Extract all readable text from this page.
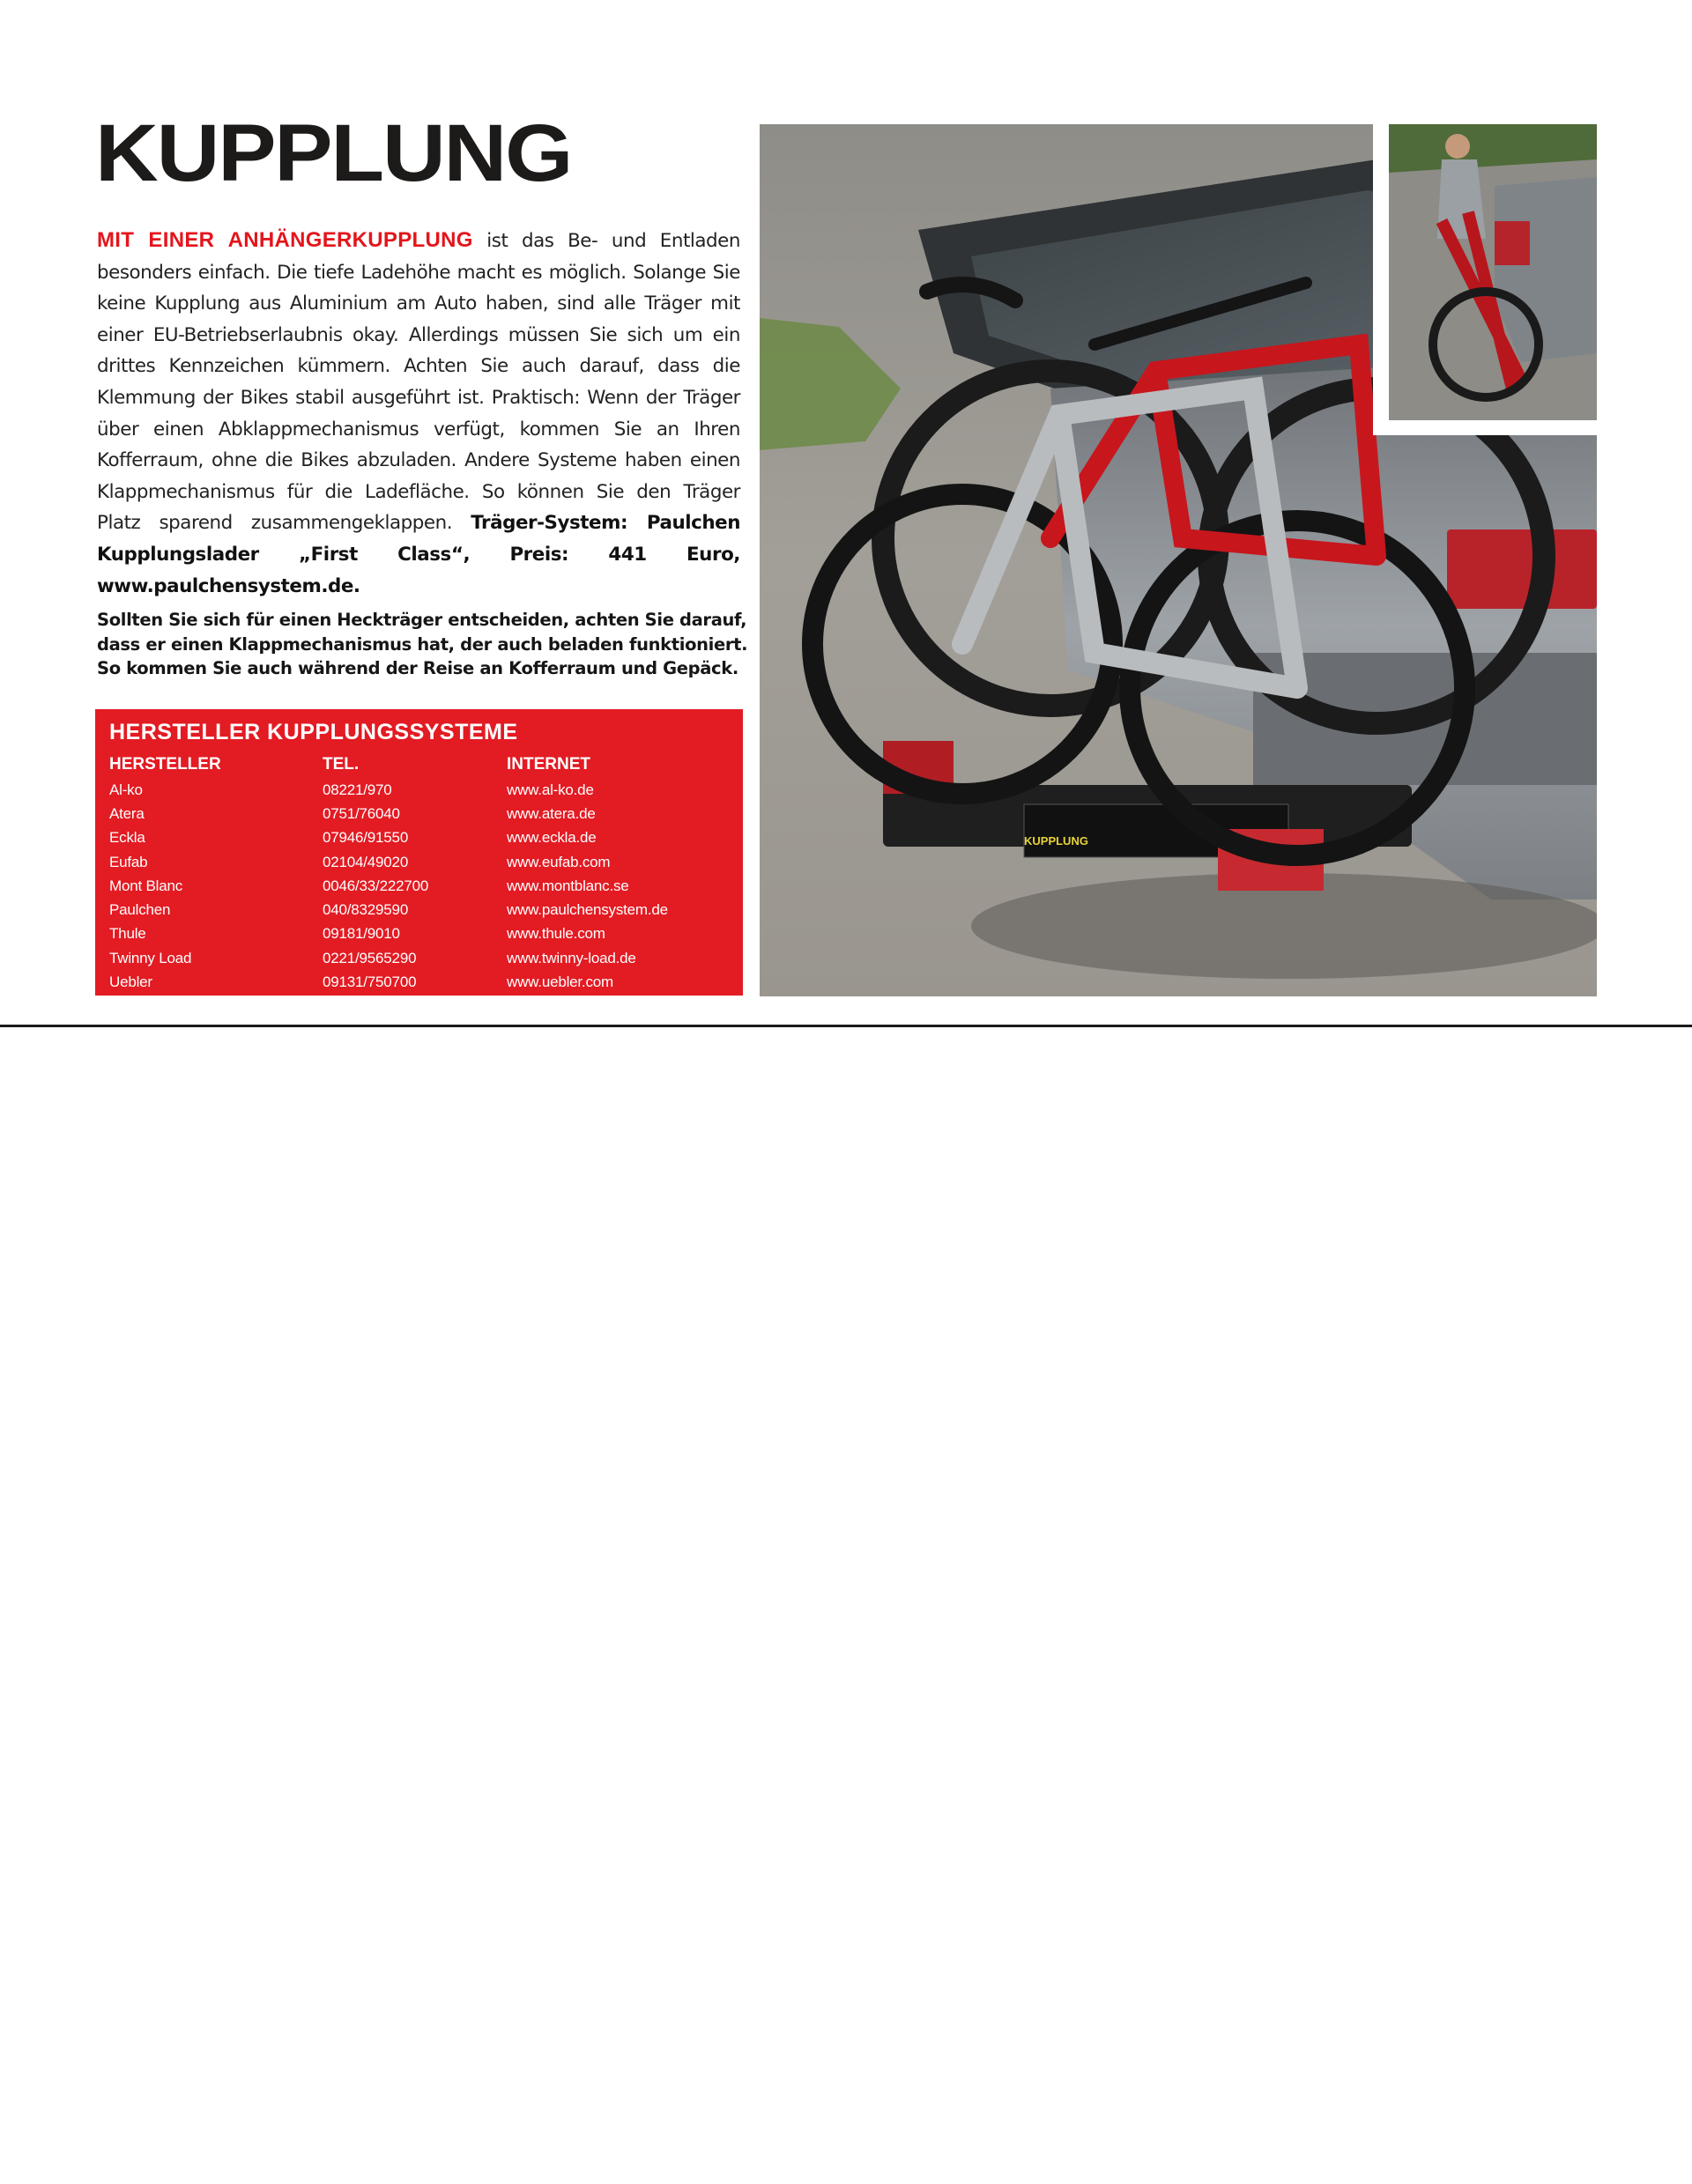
KUPPLUNG

MIT EINER ANHÄNGERKUPPLUNG ist das Be- und Entladen besonders einfach. Die tiefe Ladehöhe macht es möglich. Solange Sie keine Kupplung aus Aluminium am Auto haben, sind alle Träger mit einer EU-Betriebserlaubnis okay. Allerdings müssen Sie sich um ein drittes Kennzeichen kümmern. Achten Sie auch darauf, dass die Klemmung der Bikes stabil ausgeführt ist. Praktisch: Wenn der Träger über einen Abklappmechanismus verfügt, kommen Sie an Ihren Kofferraum, ohne die Bikes abzuladen. Andere Systeme haben einen Klappmechanismus für die Ladefläche. So können Sie den Träger Platz sparend zusammengeklappen. Träger-System: Paulchen Kupplungslader „First Class“, Preis: 441 Euro, www.paulchensystem.de.

Sollten Sie sich für einen Heckträger entscheiden, achten Sie darauf, dass er einen Klappmechanismus hat, der auch beladen funktioniert. So kommen Sie auch während der Reise an Kofferraum und Gepäck.

HERSTELLER KUPPLUNGSSYSTEME
HERSTELLER	TEL.	INTERNET
Al-ko	08221/970	www.al-ko.de
Atera	0751/76040	www.atera.de
Eckla	07946/91550	www.eckla.de
Eufab	02104/49020	www.eufab.com
Mont Blanc	0046/33/222700	www.montblanc.se
Paulchen	040/8329590	www.paulchensystem.de
Thule	09181/9010	www.thule.com
Twinny Load	0221/9565290	www.twinny-load.de
Uebler	09131/750700	www.uebler.com
KUPPLUNG
